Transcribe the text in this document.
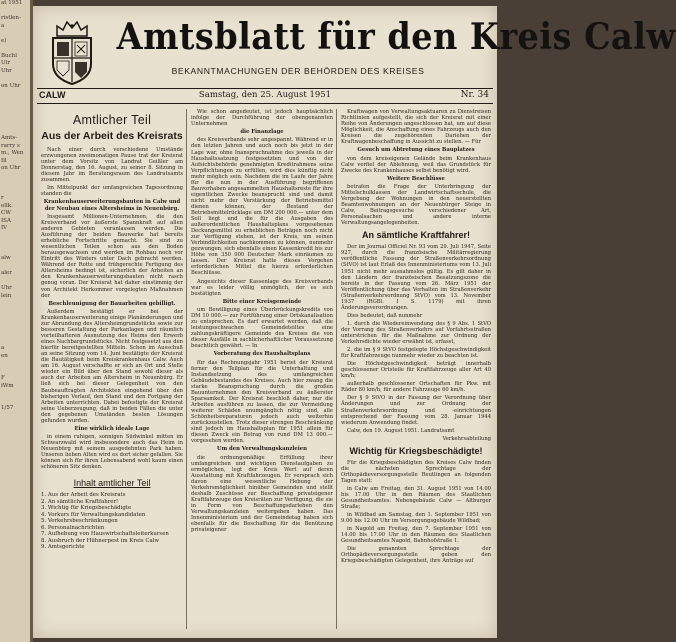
at 1951

ristlen-
a

e)

Buchl
Ulr
Uhr

on Uhr

Amts-
rarry s
m., Wen
Ill
on Uhr

r
ellk.
CW
ISA
IV

alw

aler

Uhr
lein

a
en

F
iWm

1/57
Amtsblatt für den Kreis Calw
BEKANNTMACHUNGEN DER BEHÖRDEN DES KREISES
CALW	Samstag, den 25. August 1951	Nr. 34
Amtlicher Teil
Aus der Arbeit des Kreisrats

Nach einer durch verschiedene Umstände erzwungenen zweimonatigen Pause trat der Kreisrat unter dem Vorsitz von Landrat Geißler am Donnerstag, den 16. August, zu seiner 8. Sitzung in diesem Jahr im Beratungsraum des Landratsamts zusammen.

Im Mittelpunkt der umfangreichen Tagesordnung standen die

Krankenhauserweiterungsbauten in Calw und der Neubau eines Altersheims in Neuenbürg.

Insgesamt Millionen-Unternehmen, die den Kreisverband vor äußerste Spannkraft auf allen anderen Gebieten veranlassen werden. Die Ausführung der beiden Bauwerke hat bereits erhebliche Fortschritte gemacht. Sie sind zu wesentlichen Teilen schon aus den Boden herausgewachsen und werden im Rohbau noch vor Eintritt des Winters unter Dach gebracht werden. Während der Rotte und frühgerechte Fertigung des Altersheims bedingt ist, sicherlich der Arbeiten an den Krankenhauserweiterungsbauten nicht rasch genug voran. Der Kreisrat hat daher einstimmig der von Architekt Herkommer vorgelegten Maßnahmen der

Beschleunigung der Bauarbeiten gebilligt.

Außerdem bestätigt er bei der Krankenhauserweiterung einige Planänderungen und zur Abrundung des Altersheimgrundstücks sowie zur besseren Gestaltung der Parkanlagen und räumlich vorteilhafteren Ausnutzung des Heims den Erwerb eines Nachbargrundstücks. Nicht festgesetzt aus den hierfür bereitgestellten Mitteln. Schon im Ausschuß an seine Sitzung vom 14. Juni bestätigte der Kreisrat die Bautätigkeit beim Kreiskrankenhaus Calw. Auch am 16. August verschaffte er sich an Ort und Stelle wieder ein Bild über den Stand sowohl dieser als auch der Arbeiten am Altersheim in Neuenbürg. Er ließ sich bei dieser Gelegenheit von den Baubeauftragten Architekten eingehend über den bisherigen Verlauf, den Stand und den Fortgang der Arbeiten unterrichten. Dabei befestigte der Kreisrat seine Ueberzeugung, daß in beiden Fällen die unter den gegebenen Umständen besten Lösungen gefunden wurden.

Eine wirklich ideale Lage

in einem ruhigen, sonnigen Südwinkel mitten im Schwarzwald wird insbesondere auch das Heim in Neuenbürg mit seinem ausgedehnten Park haben. Unseren lieben Alten wird es dort sicher gefallen. Sie können sich für ihren Lebensabend wohl kaum einen schöneren Sitz denken.

Inhalt amtlicher Teil
1. Aus der Arbeit des Kreisrats
2. An sämtliche Kraftfahrer!
3. Wichtig für Kriegsbeschädigte
4. Vorkurs für Verwaltungskandidaten
5. Verkehrsbeschränkungen
6. Personalnachrichten
7. Aufhebung von Hauswirtschaftsleiterkursen
8. Ausbruch der Hühnerpest im Kreis Calw
9. Amtsgerichte

Wie schon angedeutet, ist jedoch hauptsächlich infolge der Durchführung der obengenannten Unternehmen

die Finanzlage

des Kreisverbands sehr angespannt. Während er in den letzten Jahren und auch noch bis jetzt in der Lage war, ohne Inanspruchnahme des jeweils in der Haushaltssatzung festgesetzten und von der Aufsichtsbehörde genehmigten Kreditrahmens seine Verpflichtungen zu erfüllen, wird dies künftig nicht mehr möglich sein. Nachdem die im Laufe der Jahre für die nun in der Ausführung begriffenen Bauvorhaben angesammelten Haushaltsreste für ihre eigentlichen Zwecke beansprucht sind und damit nicht mehr der Verstärkung der Betriebsmittel dienen können, der Bestand der Betriebsmittelrücklage um DM 200 000.— unter dem Soll liegt und die für die Ausgaben des außerordentlichen Haushaltsplans vorgesehenen Deckungsmittel zu erheblichen Beträgen noch nicht zur Verfügung stehen, ist der Kreis, um seinen Verbindlichkeiten nachkommen zu können, nunmehr gezwungen, sich ebenfalls einen Kassenkredit bis zur Höhe von 350 000 Deutscher Mark einräumen zu lassen. Der Kreisrat hatte dieses Vorgehen erforderlichen Mittel die hierzu erforderlichen Beschlüsse.

Angesichts dieser Kassenlage des Kreisverbands war es leider völlig unmöglich, der es sich bestätigten

Bitte einer Kreisgemeinde

um Bewilligung eines Überbrückungskredits von DM 10 000.— zur Fortführung einer Ortskanalisation zu entsprechen. Es darf erwartet werden, daß die leistungsschwachen Gemeindeteiltes eine zahlungskräftigere Gemeinde des Kreises die von dieser Ausfälle in sachlicherhaftlicher Voraussetzung beachtlich gewährt. — In

Vorberatung des Haushaltsplans

für das Rechnungsjahr 1951 beriet der Kreisrat ferner den Teilplan für die Unterhaltung und Instandsetzung des umfangreichen Gebäudebestandes des Kreises. Auch hier zwang die starke Beanspruchung durch die großen Bauunternehmen den Kreisverband zu äußerster Sparsamkeit. Der Kreisrat beschloß daher, nur die Arbeiten ausführen zu lassen, die zur Vermeidung weiterer Schäden unumgänglich nötig sind, alle Schönheitsreparaturen jedoch auch weiterhin zurückzustellen. Trotz dieser strengen Beschränkung sind jedoch im Haushaltsplan für 1951 allein für diesen Zweck ein Betrag von rund DM 13 000.— vorgesehen werden.

Um den Verwaltungskanzleien

die ordnungsmäßige Erfüllung ihrer umfangreichen und wichtigen Dienstaufgaben zu ermöglichen, legt der Kreis Wert auf deren Ausstattung mit Kraftfahrzeugen. Er versprach sich davon eine wesentliche Hebung der Verkehrsmöglichkeit hinüber Gemeinden und stellt deshalb Zuschüsse zur Beschaffung privateigener Kraftfahrzeuge den Kreisräten zur Verfügung, die sie in Form von Beschaffungsdarlehen den Verwaltungskanzleien weitergeben haben. Das Innenministerium und der Gemeindetag haben sich ebenfalls für die Beschaffung für die Benützung privateigener

Kraftwagen von Verwaltungsaktuaren zu Dienstreisen Richtlinien aufgestellt, die sich der Kreisrat mit einer Reihe von Änderungen angeschlossen hat, um auf diese Möglichkeit, die Anschaffung eines Fahrzeugs auch den Kreisen die zugehörenden Dariehen der Kraftwagenbeschaffung in Aussicht zu stellen. — Für

Gesuch um Abtretung eines Bauplatzes

von dem kreiseigenen Gelände beim Krankenhaus Calw verfiel der Ablehnung, weil das Grundstück für Zwecke des Krankenhauses selbst benötigt wird.

Weitere Beschlüsse

betrafen die Frage der Unterbringung der Mittelschulklassen der Landwirtschaftsschule, die Vergebung der Wohnungen in den neuerstellten Beamtenwohnungen an der Neuenbürger Steige in Calw, Beitragsgesuche verschiedener Art, Personalsachen und andere interne Verwaltungsangelegenheiten.

An sämtliche Kraftfahrer!

Der im Journal Officiel Nr. 93 vom 29. Juli 1947, Seite 927, durch die französische Militärregierung veröffentliche Fassung der Straßenverkehrsordnung (StVO) ist laut Erlaß des Innenministeriums vom 13. Juli 1951 nicht mehr ausnahmslos gültig. Es gilt daher in den Ländern der französischen Besatzungszone die bereits in der Fassung vom 26. März 1951 der Veröffentlichung über das Verhalten im Straßenverkehr (Straßenverkehrsordnung StVO) vom 13. November 1937 (RGBl. I S. 1179) mit ihren Änderungsverordnungen.

Dies bedeutet, daß nunmehr

1. durch die Wiedereinwendung des § 9 Abs. 1 StVO der Vorrang des Straßenverkehrs auf Vorfahrtsstraßen unterstrichen für die Maßnahme zur Ordnung der Verkehrsdichte wieder erwähnt ist, erfasst,

2. die im § 9 StVO festgelegte Höchstgeschwindigkeit für Kraftfahrzeuge nunmehr wieder zu beachten ist.

Die Höchstgeschwindigkeit beträgt innerhalb geschlossener Ortsteile für Kraftfahrzeuge aller Art 40 km/h;

außerhalb geschlossener Ortschaften für Pkw. mit Räder 80 km/h, für andere Fahrzeuge 60 km/h.

Der § 9 StVO in der Fassung der Verordnung über Änderungen und zur Ordnung der Straßenverkehrsordnung und -einrichtungen entsprechend der Fassung vom 28. Januar 1944 wiederum Anwendung findet.

Calw, den 19. August 1951. Landratsamt

Verkehrsabteilung

Wichtig für Kriegsbeschädigte!

Für die Kriegsbeschädigten des Kreises Calw finden die nächsten Sprechtage der Orthopädieversorgungsstelle Reutlingen an folgenden Tagen statt:

in Calw am Freitag, den 31. August 1951 von 14.00 bis 17.00 Uhr in den Räumen des Staatlichen Gesundheitsamtes. Nebengebäude Calw — Altburger Straße;

in Wildbad am Samstag, den 1. September 1951 von 9.00 bis 12.00 Uhr im Versorgungsgebäude Wildbad;

in Nagold am Freitag, den 7. September 1951 von 14.00 bis 17.00 Uhr in den Räumen des Staatlichen Gesundheitsamtes Nagold, Bahnhofstraße 1.

Die genannten Sprechtage der Orthopädieversorgungsstelle geben den Kriegsbeschädigten Gelegenheit, ihre Anträge auf
